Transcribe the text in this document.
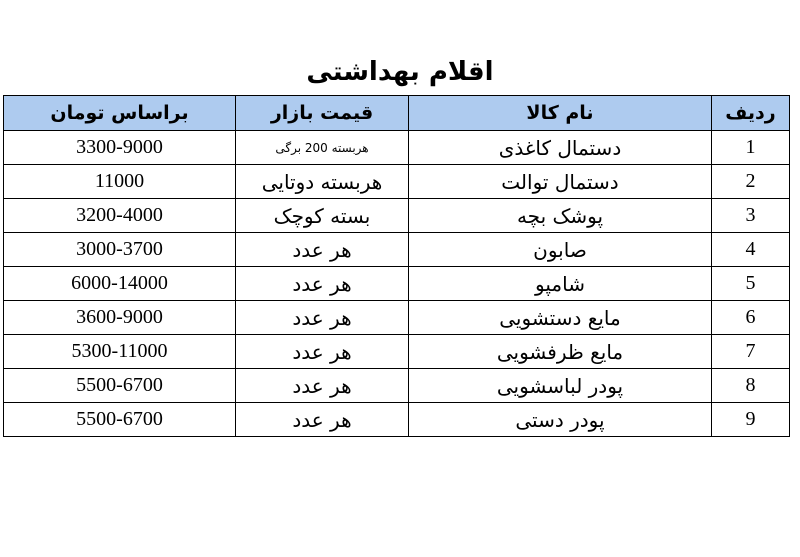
اقلام بهداشتی
ردیف	نام کالا	قیمت بازار	براساس تومان
1	دستمال کاغذی	هربسته 200 برگی	3300-9000
2	دستمال توالت	هربسته دوتایی	11000
3	پوشک بچه	بسته کوچک	3200-4000
4	صابون	هر عدد	3000-3700
5	شامپو	هر عدد	6000-14000
6	مایع دستشویی	هر عدد	3600-9000
7	مایع ظرفشویی	هر عدد	5300-11000
8	پودر لباسشویی	هر عدد	5500-6700
9	پودر دستی	هر عدد	5500-6700
